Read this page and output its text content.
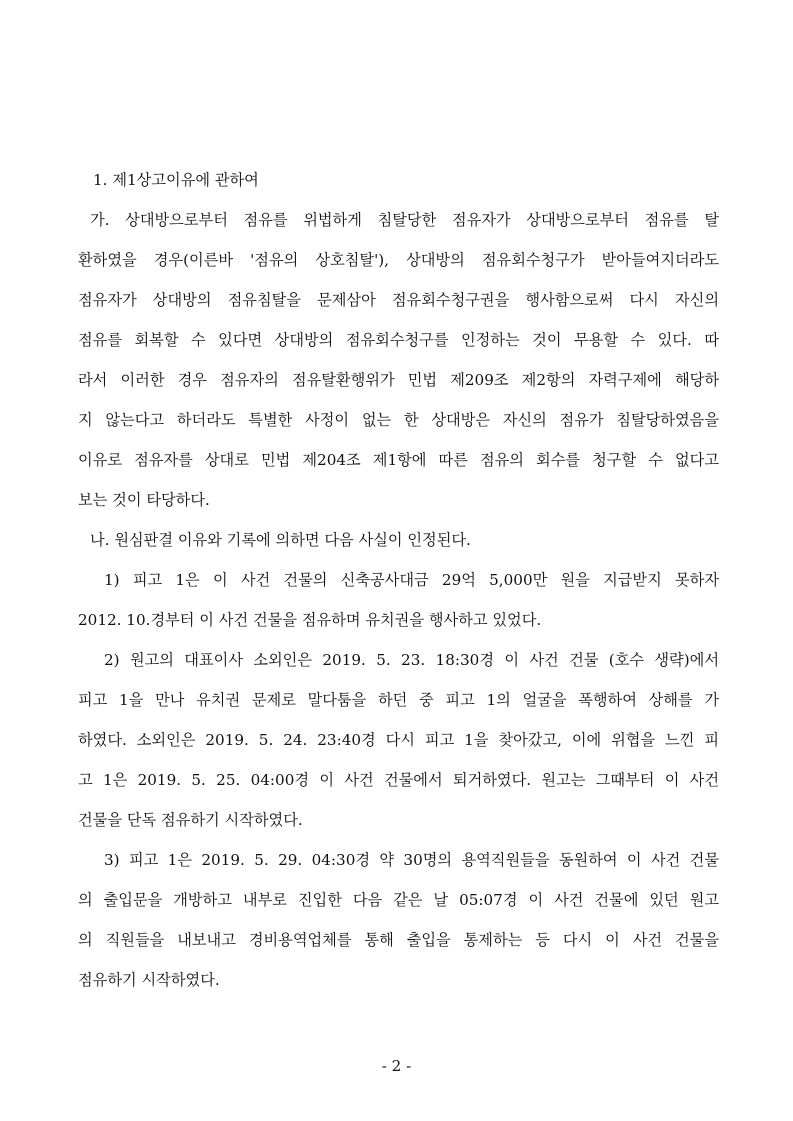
1. 제1상고이유에 관하여
가. 상대방으로부터 점유를 위법하게 침탈당한 점유자가 상대방으로부터 점유를 탈
환하였을 경우(이른바 '점유의 상호침탈'), 상대방의 점유회수청구가 받아들여지더라도
점유자가 상대방의 점유침탈을 문제삼아 점유회수청구권을 행사함으로써 다시 자신의
점유를 회복할 수 있다면 상대방의 점유회수청구를 인정하는 것이 무용할 수 있다. 따
라서 이러한 경우 점유자의 점유탈환행위가 민법 제209조 제2항의 자력구제에 해당하
지 않는다고 하더라도 특별한 사정이 없는 한 상대방은 자신의 점유가 침탈당하였음을
이유로 점유자를 상대로 민법 제204조 제1항에 따른 점유의 회수를 청구할 수 없다고
보는 것이 타당하다.
나. 원심판결 이유와 기록에 의하면 다음 사실이 인정된다.
1) 피고 1은 이 사건 건물의 신축공사대금 29억 5,000만 원을 지급받지 못하자
2012. 10.경부터 이 사건 건물을 점유하며 유치권을 행사하고 있었다.
2) 원고의 대표이사 소외인은 2019. 5. 23. 18:30경 이 사건 건물 (호수 생략)에서
피고 1을 만나 유치권 문제로 말다툼을 하던 중 피고 1의 얼굴을 폭행하여 상해를 가
하였다. 소외인은 2019. 5. 24. 23:40경 다시 피고 1을 찾아갔고, 이에 위협을 느낀 피
고 1은 2019. 5. 25. 04:00경 이 사건 건물에서 퇴거하였다. 원고는 그때부터 이 사건
건물을 단독 점유하기 시작하였다.
3) 피고 1은 2019. 5. 29. 04:30경 약 30명의 용역직원들을 동원하여 이 사건 건물
의 출입문을 개방하고 내부로 진입한 다음 같은 날 05:07경 이 사건 건물에 있던 원고
의 직원들을 내보내고 경비용역업체를 통해 출입을 통제하는 등 다시 이 사건 건물을
점유하기 시작하였다.
- 2 -
